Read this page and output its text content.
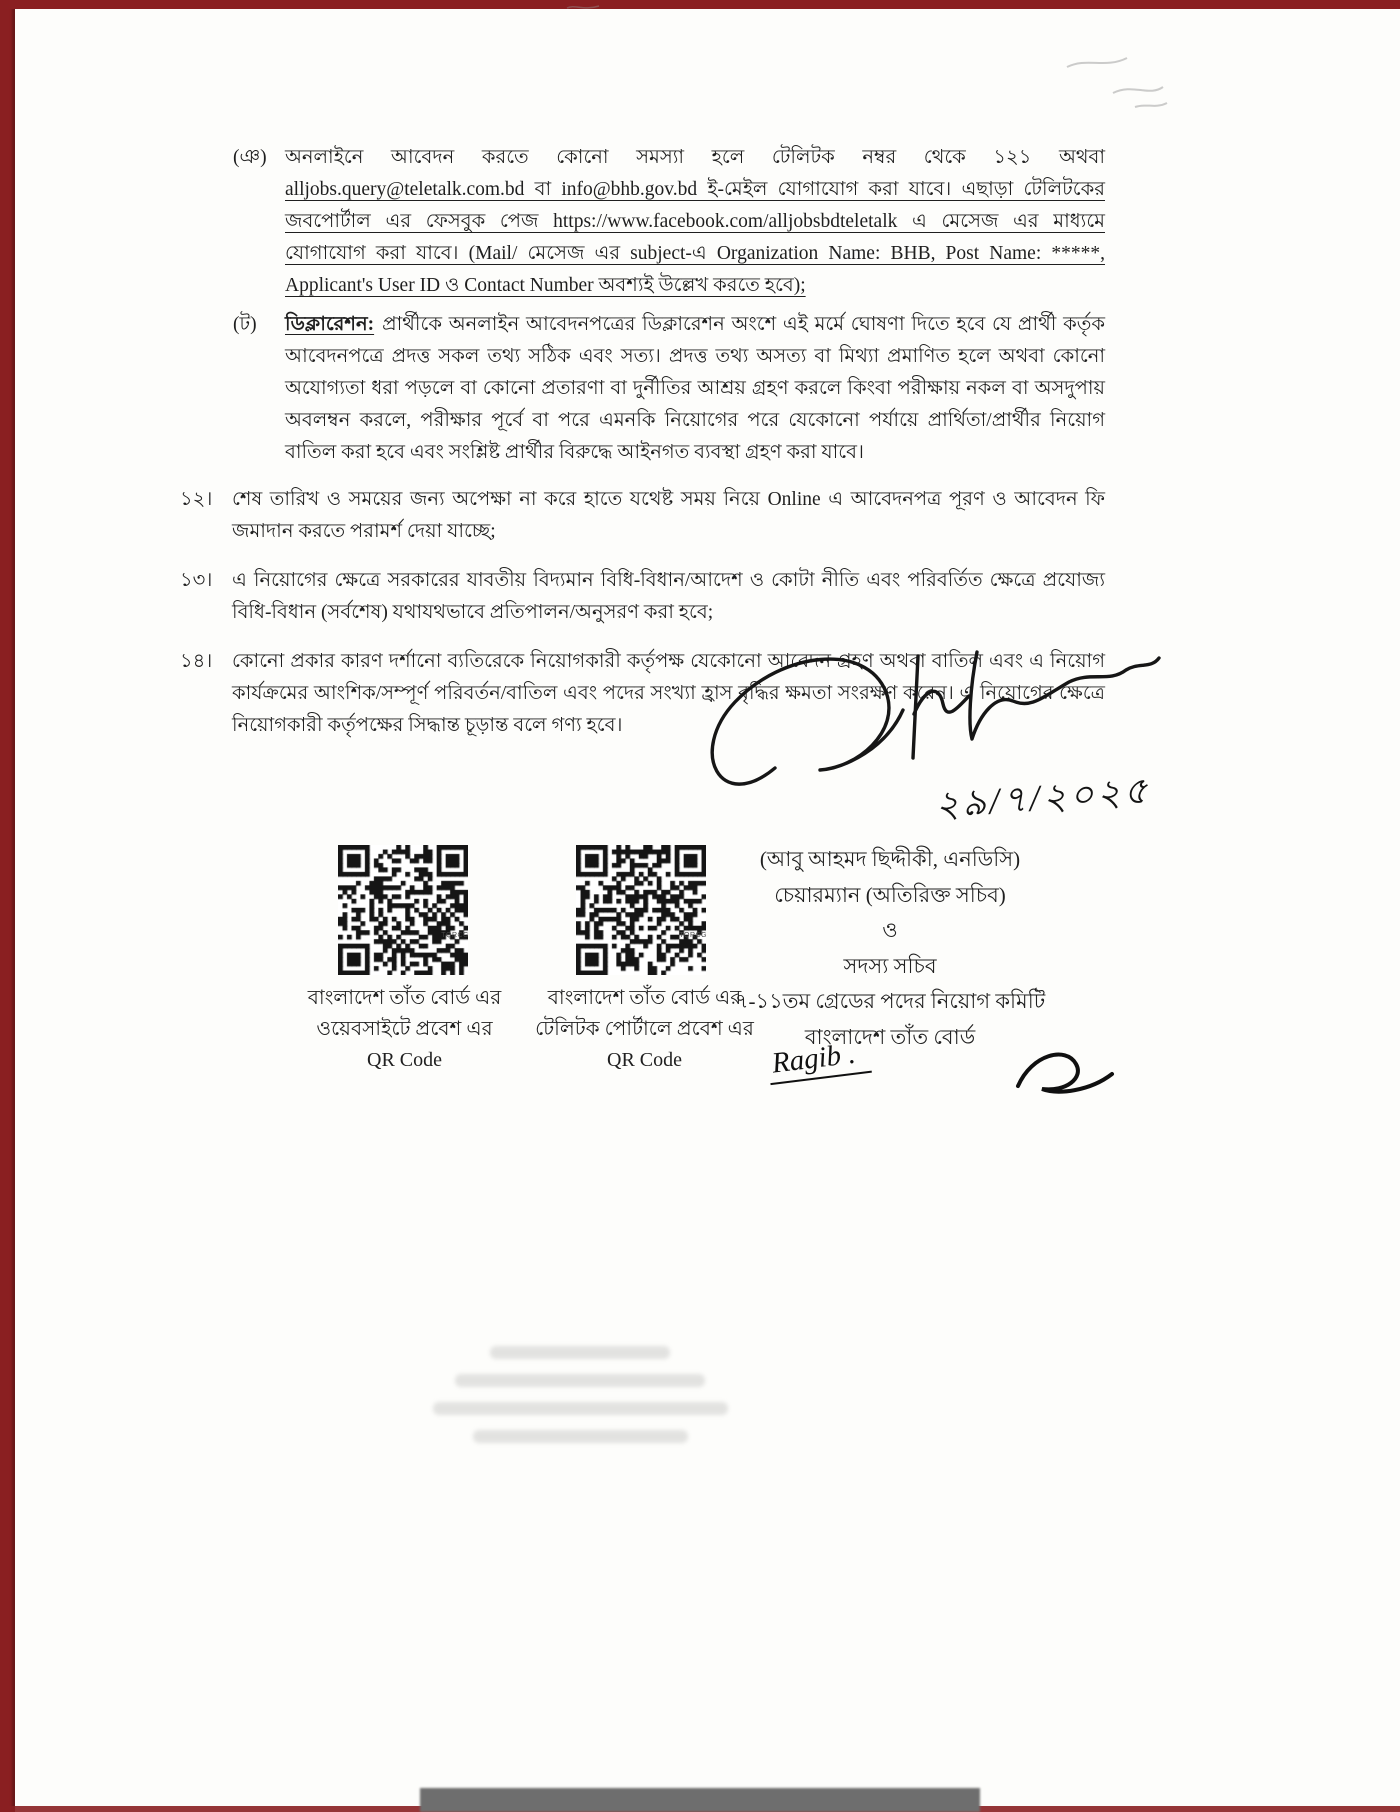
(ঞ) অনলাইনে আবেদন করতে কোনো সমস্যা হলে টেলিটক নম্বর থেকে ১২১ অথবা
alljobs.query@teletalk.com.bd বা info@bhb.gov.bd ই-মেইল যোগাযোগ করা যাবে। এছাড়া টেলিটকের
জবপোর্টাল এর ফেসবুক পেজ https://www.facebook.com/alljobsbdteletalk এ মেসেজ এর মাধ্যমে
যোগাযোগ করা যাবে। (Mail/ মেসেজ এর subject-এ Organization Name: BHB, Post Name: *****,
Applicant's User ID ও Contact Number অবশ্যই উল্লেখ করতে হবে);
(ট)	ডিক্লারেশন: প্রার্থীকে অনলাইন আবেদনপত্রের ডিক্লারেশন অংশে এই মর্মে ঘোষণা দিতে হবে যে প্রার্থী কর্তৃক আবেদনপত্রে প্রদত্ত সকল তথ্য সঠিক এবং সত্য। প্রদত্ত তথ্য অসত্য বা মিথ্যা প্রমাণিত হলে অথবা কোনো অযোগ্যতা ধরা পড়লে বা কোনো প্রতারণা বা দুর্নীতির আশ্রয় গ্রহণ করলে কিংবা পরীক্ষায় নকল বা অসদুপায় অবলম্বন করলে, পরীক্ষার পূর্বে বা পরে এমনকি নিয়োগের পরে যেকোনো পর্যায়ে প্রার্থিতা/প্রার্থীর নিয়োগ বাতিল করা হবে এবং সংশ্লিষ্ট প্রার্থীর বিরুদ্ধে আইনগত ব্যবস্থা গ্রহণ করা যাবে।
১২।	শেষ তারিখ ও সময়ের জন্য অপেক্ষা না করে হাতে যথেষ্ট সময় নিয়ে Online এ আবেদনপত্র পূরণ ও আবেদন ফি জমাদান করতে পরামর্শ দেয়া যাচ্ছে;
১৩।	এ নিয়োগের ক্ষেত্রে সরকারের যাবতীয় বিদ্যমান বিধি-বিধান/আদেশ ও কোটা নীতি এবং পরিবর্তিত ক্ষেত্রে প্রযোজ্য বিধি-বিধান (সর্বশেষ) যথাযথভাবে প্রতিপালন/অনুসরণ করা হবে;
১৪।	কোনো প্রকার কারণ দর্শানো ব্যতিরেকে নিয়োগকারী কর্তৃপক্ষ যেকোনো আবেদন গ্রহণ অথবা বাতিল এবং এ নিয়োগ কার্যক্রমের আংশিক/সম্পূর্ণ পরিবর্তন/বাতিল এবং পদের সংখ্যা হ্রাস বৃদ্ধির ক্ষমতা সংরক্ষণ করেন। এ নিয়োগের ক্ষেত্রে নিয়োগকারী কর্তৃপক্ষের সিদ্ধান্ত চূড়ান্ত বলে গণ্য হবে।
২৯/৭/২০২৫
(আবু আহমদ ছিদ্দীকী, এনডিসি)
চেয়ারম্যান (অতিরিক্ত সচিব)
ও
সদস্য সচিব
৭-১১তম গ্রেডের পদের নিয়োগ কমিটি
বাংলাদেশ তাঁত বোর্ড
Ragib .
TQRCG	TQRCG
বাংলাদেশ তাঁত বোর্ড এর
ওয়েবসাইটে প্রবেশ এর
QR Code
বাংলাদেশ তাঁত বোর্ড এর
টেলিটক পোর্টালে প্রবেশ এর
QR Code
